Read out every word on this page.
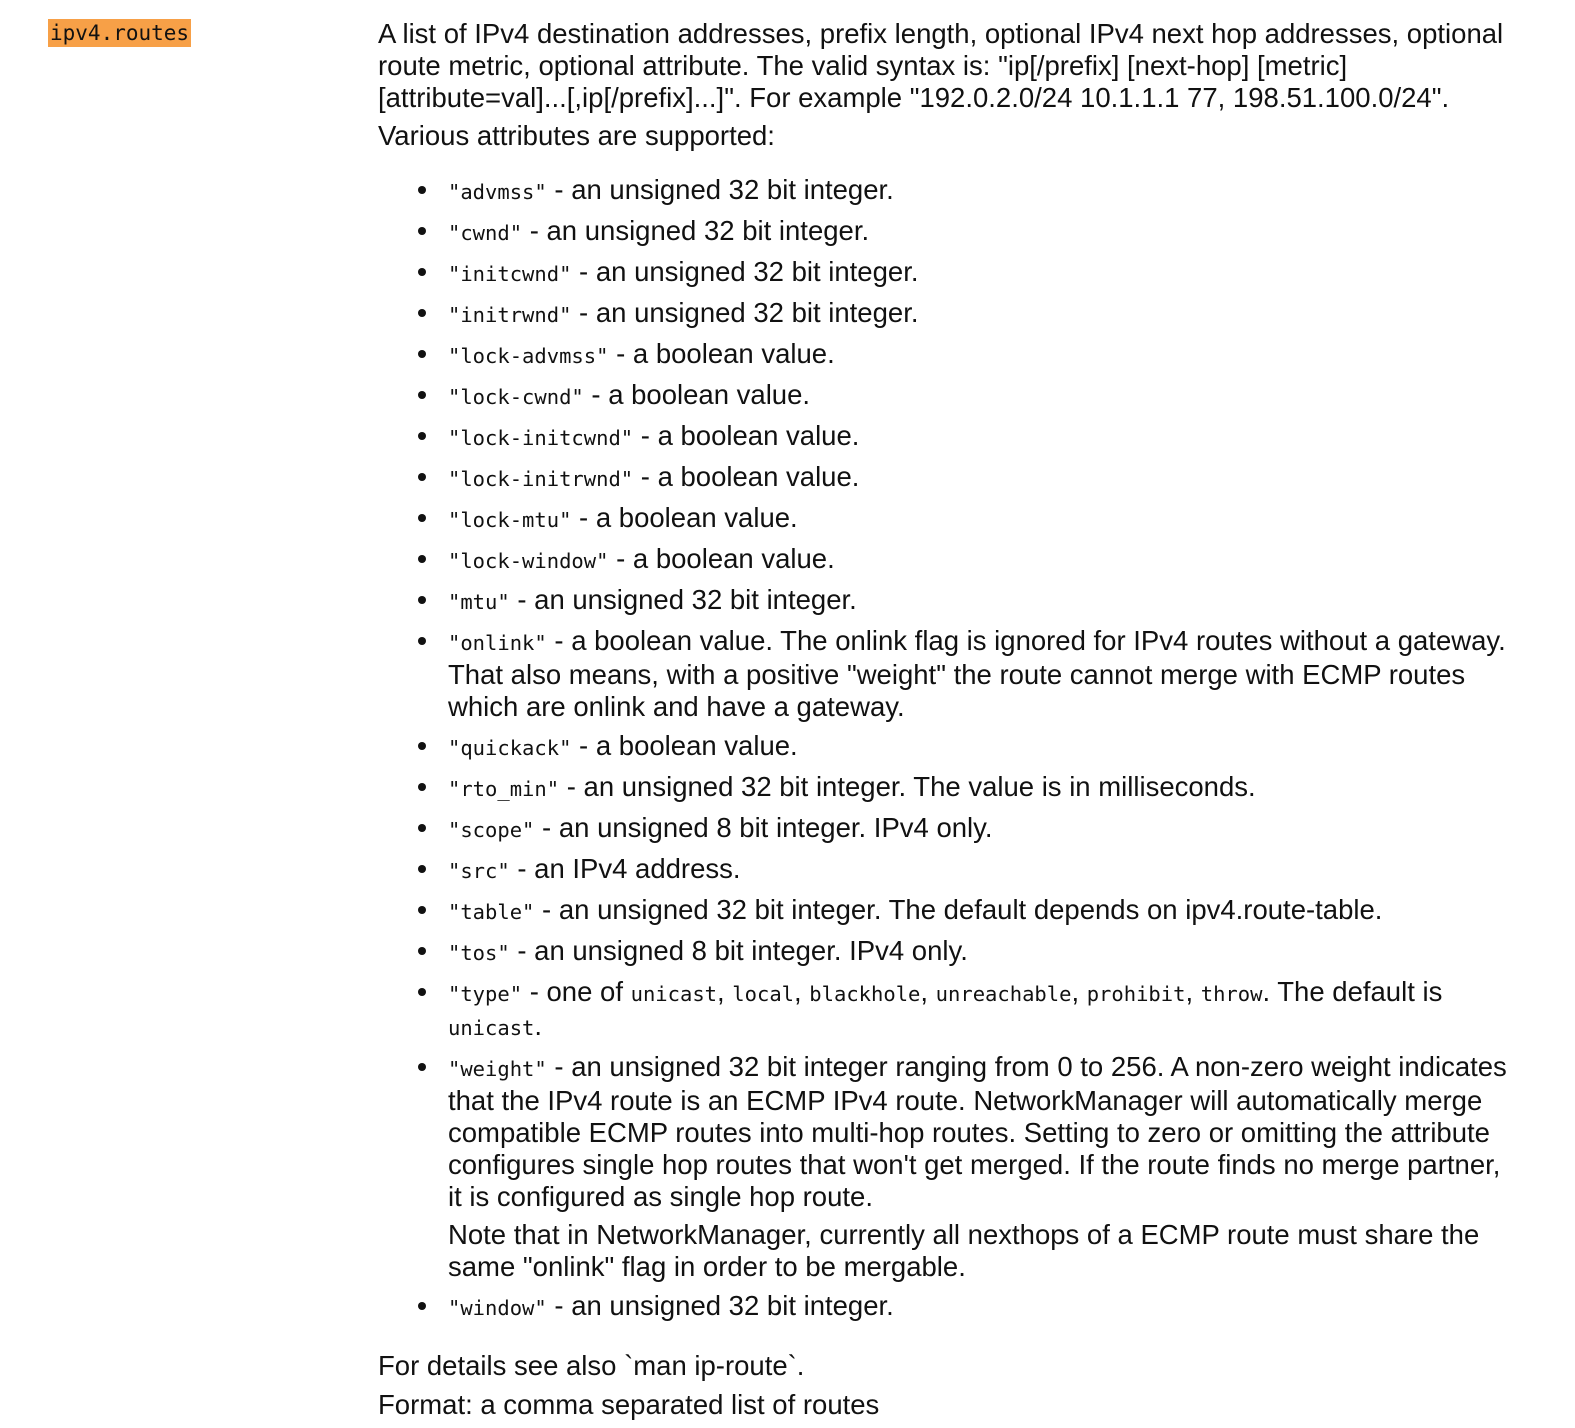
ipv4.routes	A list of IPv4 destination addresses, prefix length, optional IPv4 next hop addresses, optional route metric, optional attribute. The valid syntax is: "ip[/prefix] [next-hop] [metric] [attribute=val]...[,ip[/prefix]...]". For example "192.0.2.0/24 10.1.1.1 77, 198.51.100.0/24".

Various attributes are supported:

"advmss" - an unsigned 32 bit integer.
"cwnd" - an unsigned 32 bit integer.
"initcwnd" - an unsigned 32 bit integer.
"initrwnd" - an unsigned 32 bit integer.
"lock-advmss" - a boolean value.
"lock-cwnd" - a boolean value.
"lock-initcwnd" - a boolean value.
"lock-initrwnd" - a boolean value.
"lock-mtu" - a boolean value.
"lock-window" - a boolean value.
"mtu" - an unsigned 32 bit integer.
"onlink" - a boolean value. The onlink flag is ignored for IPv4 routes without a gateway. That also means, with a positive "weight" the route cannot merge with ECMP routes which are onlink and have a gateway.
"quickack" - a boolean value.
"rto_min" - an unsigned 32 bit integer. The value is in milliseconds.
"scope" - an unsigned 8 bit integer. IPv4 only.
"src" - an IPv4 address.
"table" - an unsigned 32 bit integer. The default depends on ipv4.route-table.
"tos" - an unsigned 8 bit integer. IPv4 only.
"type" - one of unicast, local, blackhole, unreachable, prohibit, throw. The default is unicast.

"weight" - an unsigned 32 bit integer ranging from 0 to 256. A non-zero weight indicates that the IPv4 route is an ECMP IPv4 route. NetworkManager will automatically merge compatible ECMP routes into multi-hop routes. Setting to zero or omitting the attribute configures single hop routes that won't get merged. If the route finds no merge partner, it is configured as single hop route.

Note that in NetworkManager, currently all nexthops of a ECMP route must share the same "onlink" flag in order to be mergable.

"window" - an unsigned 32 bit integer.

For details see also `man ip-route`.

Format: a comma separated list of routes
